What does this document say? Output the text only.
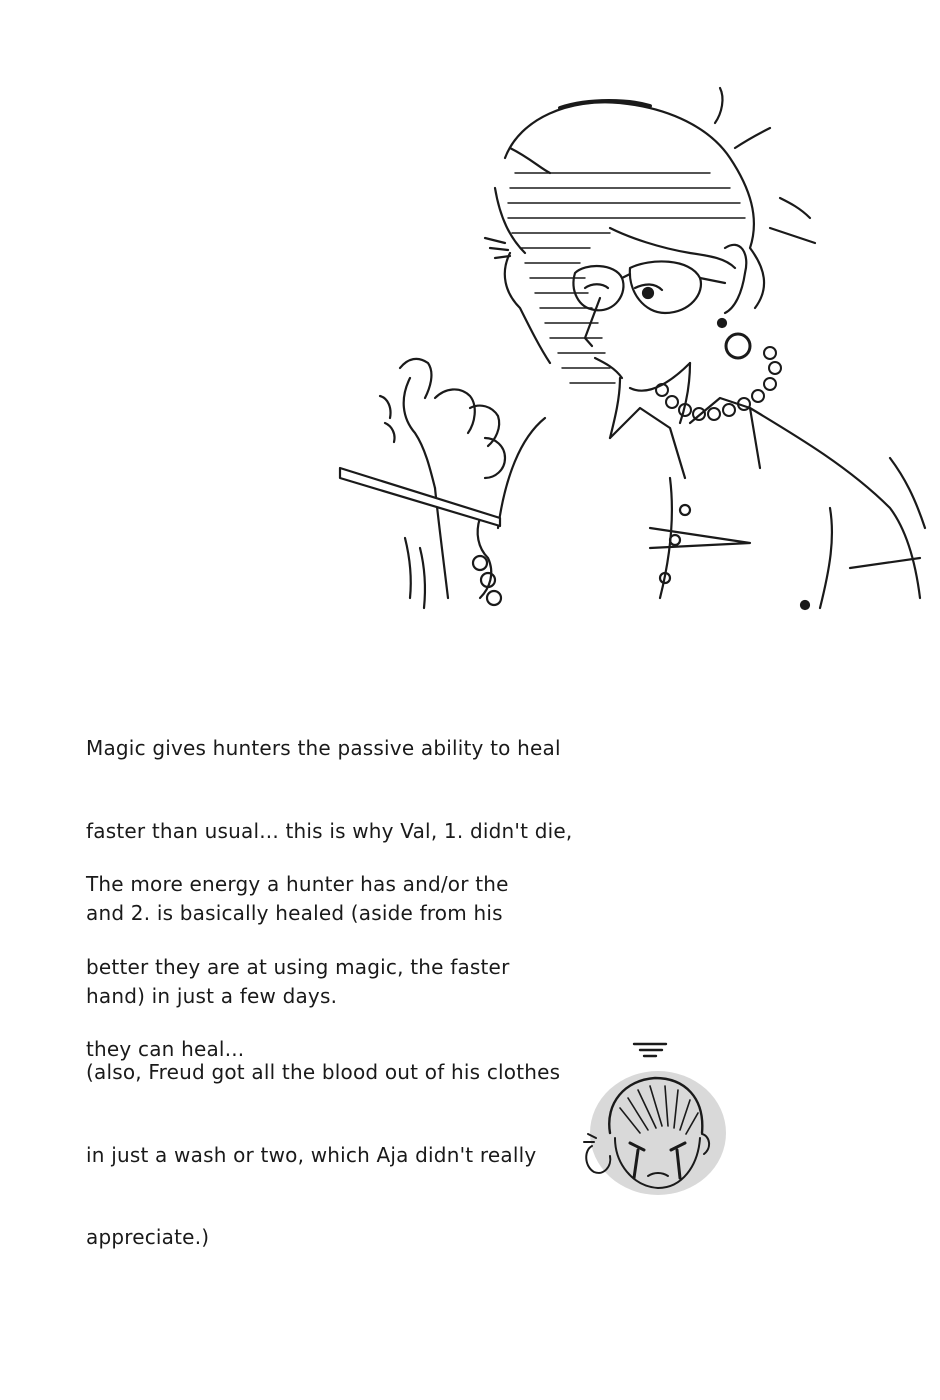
Magic gives hunters the passive ability to heal

faster than usual... this is why Val, 1. didn't die,

and 2. is basically healed (aside from his

hand) in just a few days.

The more energy a hunter has and/or the

better they are at using magic, the faster

they can heal...

(also, Freud got all the blood out of his clothes

in just a wash or two, which Aja didn't really

appreciate.)
